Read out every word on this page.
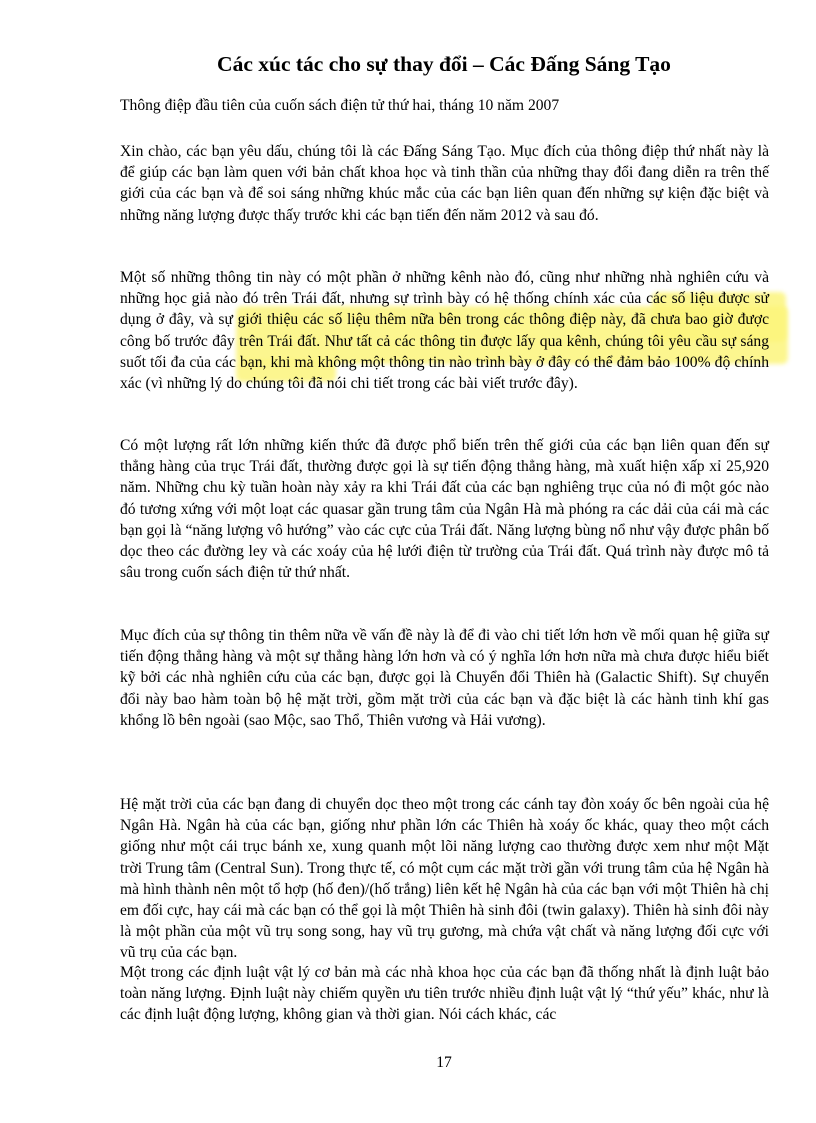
Các xúc tác cho sự thay đổi – Các Đấng Sáng Tạo

Thông điệp đầu tiên của cuốn sách điện tử thứ hai, tháng 10 năm 2007

Xin chào, các bạn yêu dấu, chúng tôi là các Đấng Sáng Tạo. Mục đích của thông điệp thứ nhất này là để giúp các bạn làm quen với bản chất khoa học và tinh thần của những thay đổi đang diễn ra trên thế giới của các bạn và để soi sáng những khúc mắc của các bạn liên quan đến những sự kiện đặc biệt và những năng lượng được thấy trước khi các bạn tiến đến năm 2012 và sau đó.

Một số những thông tin này có một phần ở những kênh nào đó, cũng như những nhà nghiên cứu và những học giả nào đó trên Trái đất, nhưng sự trình bày có hệ thống chính xác của các số liệu được sử dụng ở đây, và sự giới thiệu các số liệu thêm nữa bên trong các thông điệp này, đã chưa bao giờ được công bố trước đây trên Trái đất. Như tất cả các thông tin được lấy qua kênh, chúng tôi yêu cầu sự sáng suốt tối đa của các bạn, khi mà không một thông tin nào trình bày ở đây có thể đảm bảo 100% độ chính xác (vì những lý do chúng tôi đã nói chi tiết trong các bài viết trước đây).

Có một lượng rất lớn những kiến thức đã được phổ biến trên thế giới của các bạn liên quan đến sự thẳng hàng của trục Trái đất, thường được gọi là sự tiến động thẳng hàng, mà xuất hiện xấp xỉ 25,920 năm. Những chu kỳ tuần hoàn này xảy ra khi Trái đất của các bạn nghiêng trục của nó đi một góc nào đó tương xứng với một loạt các quasar gần trung tâm của Ngân Hà mà phóng ra các dải của cái mà các bạn gọi là “năng lượng vô hướng” vào các cực của Trái đất. Năng lượng bùng nổ như vậy được phân bố dọc theo các đường ley và các xoáy của hệ lưới điện từ trường của Trái đất. Quá trình này được mô tả sâu trong cuốn sách điện tử thứ nhất.

Mục đích của sự thông tin thêm nữa về vấn đề này là để đi vào chi tiết lớn hơn về mối quan hệ giữa sự tiến động thẳng hàng và một sự thẳng hàng lớn hơn và có ý nghĩa lớn hơn nữa mà chưa được hiểu biết kỹ bởi các nhà nghiên cứu của các bạn, được gọi là Chuyển đổi Thiên hà (Galactic Shift). Sự chuyển đổi này bao hàm toàn bộ hệ mặt trời, gồm mặt trời của các bạn và đặc biệt là các hành tinh khí gas khổng lồ bên ngoài (sao Mộc, sao Thổ, Thiên vương và Hải vương).

Hệ mặt trời của các bạn đang di chuyển dọc theo một trong các cánh tay đòn xoáy ốc bên ngoài của hệ Ngân Hà. Ngân hà của các bạn, giống như phần lớn các Thiên hà xoáy ốc khác, quay theo một cách giống như một cái trục bánh xe, xung quanh một lõi năng lượng cao thường được xem như một Mặt trời Trung tâm (Central Sun). Trong thực tế, có một cụm các mặt trời gần với trung tâm của hệ Ngân hà mà hình thành nên một tổ hợp (hố đen)/(hố trắng) liên kết hệ Ngân hà của các bạn với một Thiên hà chị em đối cực, hay cái mà các bạn có thể gọi là một Thiên hà sinh đôi (twin galaxy). Thiên hà sinh đôi này là một phần của một vũ trụ song song, hay vũ trụ gương, mà chứa vật chất và năng lượng đối cực với vũ trụ của các bạn.

Một trong các định luật vật lý cơ bản mà các nhà khoa học của các bạn đã thống nhất là định luật bảo toàn năng lượng. Định luật này chiếm quyền ưu tiên trước nhiều định luật vật lý “thứ yếu” khác, như là các định luật động lượng, không gian và thời gian. Nói cách khác, các

17
